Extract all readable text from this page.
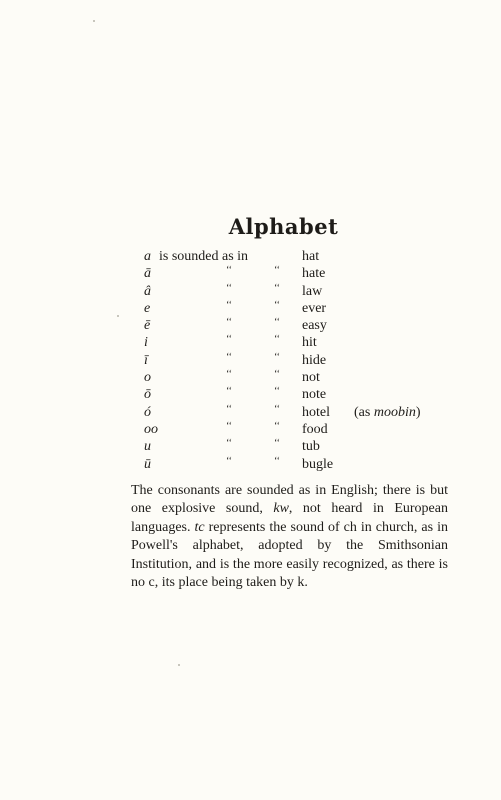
Alphabet
a is sounded as in	hat
ā	‘‘	‘‘ hate
â	‘‘	‘‘ law
e	‘‘	‘‘ ever
ē	‘‘	‘‘ easy
i	‘‘	‘‘ hit
ī	‘‘	‘‘ hide
o	‘‘	‘‘ not
ō	‘‘	‘‘ note
ó	‘‘	‘‘ hotel (as moobin)
oo	‘‘	‘‘ food
u	‘‘	‘‘ tub
ū	‘‘	‘‘ bugle

The consonants are sounded as in English; there is but one explosive sound, kw, not heard in European languages. tc represents the sound of ch in church, as in Powell's alphabet, adopted by the Smithsonian Institution, and is the more easily recognized, as there is no c, its place being taken by k.
